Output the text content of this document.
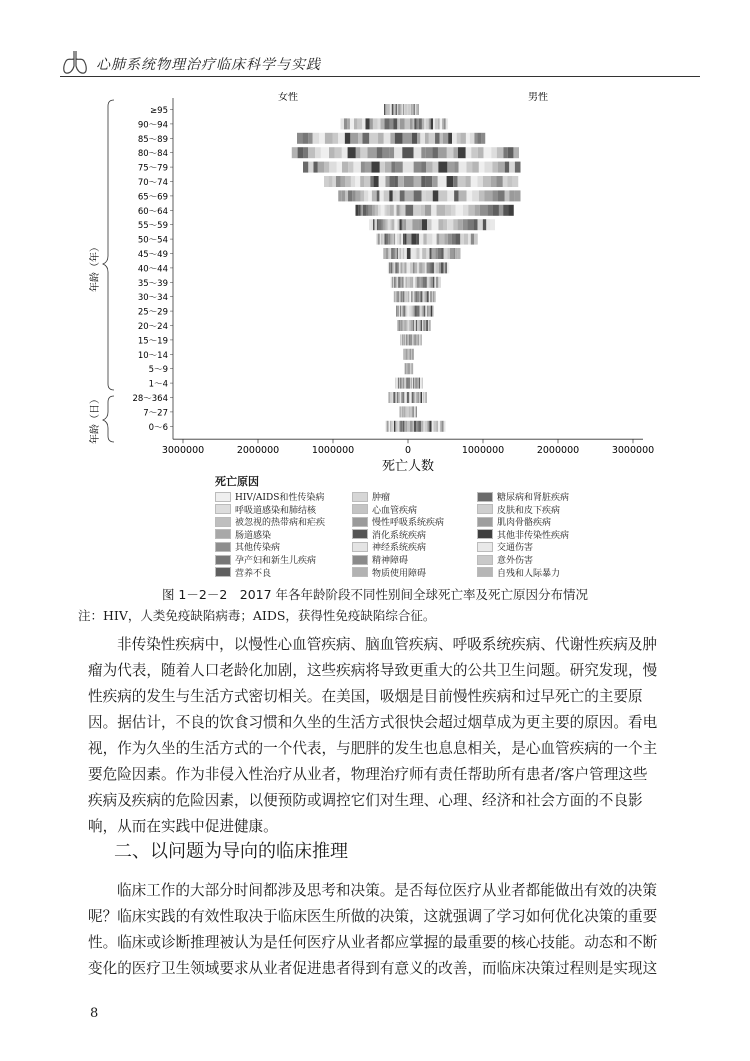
心肺系统物理治疗临床科学与实践
≥95
90～94
85～89
80～84
75～79
70～74
65～69
60～64
55～59
50～54
45～49
40～44
35～39
30～34
25～29
20～24
15～19
10～14
5～9
1～4
28～364
7～27
0～6
3000000	2000000	1000000	0	1000000	2000000	3000000
女性	男性
死亡人数
年龄（年）
年龄（日）
死亡原因
HIV/AIDS和性传染病
呼吸道感染和肺结核
被忽视的热带病和疟疾
肠道感染
其他传染病
孕产妇和新生儿疾病
营养不良
肿瘤
心血管疾病
慢性呼吸系统疾病
消化系统疾病
神经系统疾病
精神障碍
物质使用障碍
糖尿病和肾脏疾病
皮肤和皮下疾病
肌肉骨骼疾病
其他非传染性疾病
交通伤害
意外伤害
自残和人际暴力
图 1－2－2　2017 年各年龄阶段不同性别间全球死亡率及死亡原因分布情况
注：HIV，人类免疫缺陷病毒；AIDS，获得性免疫缺陷综合征。
非传染性疾病中，以慢性心血管疾病、脑血管疾病、呼吸系统疾病、代谢性疾病及肿
瘤为代表，随着人口老龄化加剧，这些疾病将导致更重大的公共卫生问题。研究发现，慢
性疾病的发生与生活方式密切相关。在美国，吸烟是目前慢性疾病和过早死亡的主要原
因。据估计，不良的饮食习惯和久坐的生活方式很快会超过烟草成为更主要的原因。看电
视，作为久坐的生活方式的一个代表，与肥胖的发生也息息相关，是心血管疾病的一个主
要危险因素。作为非侵入性治疗从业者，物理治疗师有责任帮助所有患者/客户管理这些
疾病及疾病的危险因素，以便预防或调控它们对生理、心理、经济和社会方面的不良影
响，从而在实践中促进健康。
二、以问题为导向的临床推理
临床工作的大部分时间都涉及思考和决策。是否每位医疗从业者都能做出有效的决策
呢？临床实践的有效性取决于临床医生所做的决策，这就强调了学习如何优化决策的重要
性。临床或诊断推理被认为是任何医疗从业者都应掌握的最重要的核心技能。动态和不断
变化的医疗卫生领域要求从业者促进患者得到有意义的改善，而临床决策过程则是实现这
8
